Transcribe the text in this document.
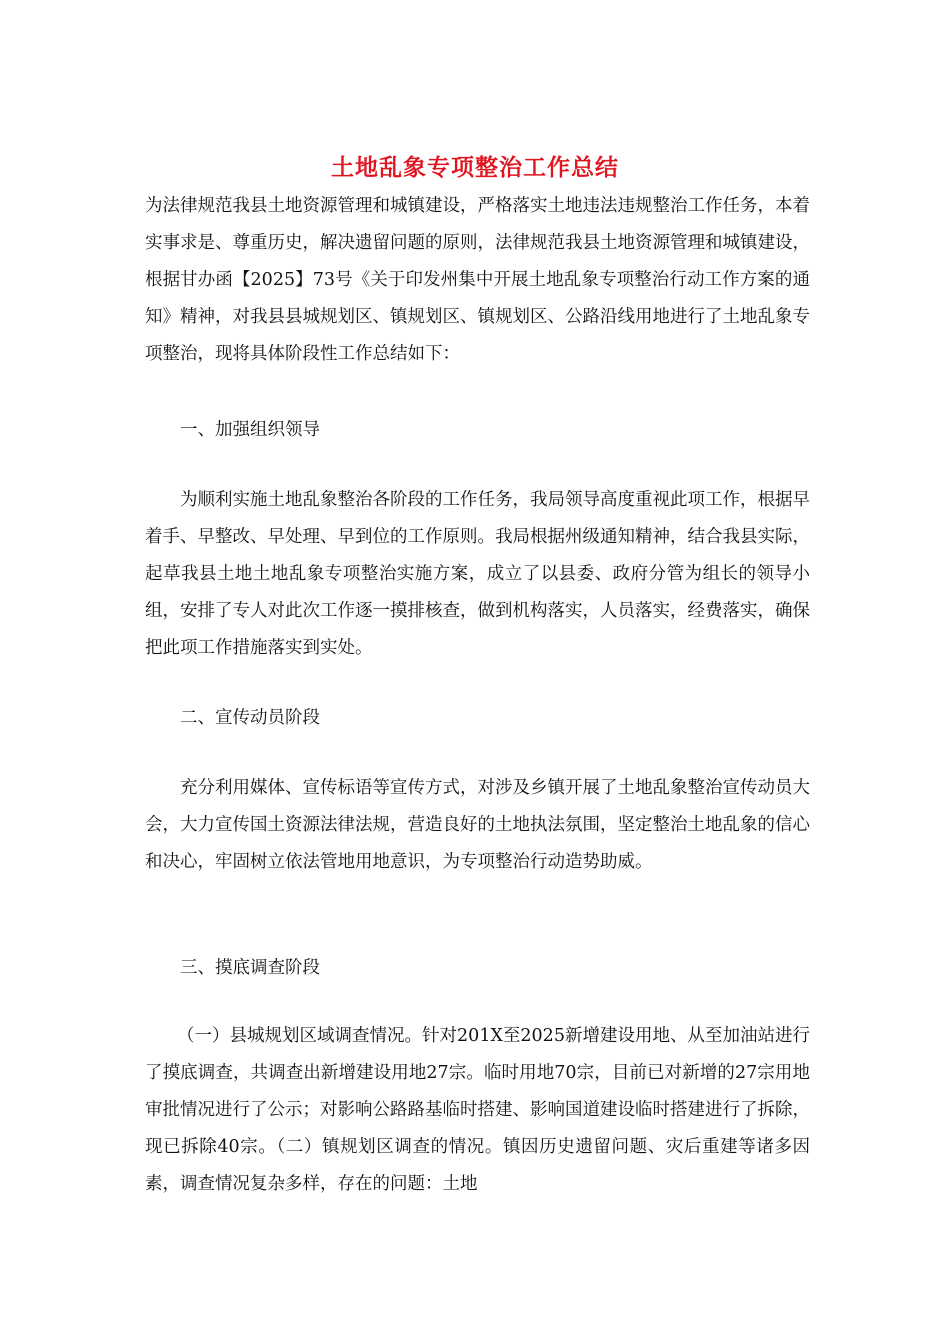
土地乱象专项整治工作总结

为法律规范我县土地资源管理和城镇建设，严格落实土地违法违规整治工作任务，本着实事求是、尊重历史，解决遗留问题的原则，法律规范我县土地资源管理和城镇建设，根据甘办函【2025】73号《关于印发州集中开展土地乱象专项整治行动工作方案的通知》精神，对我县县城规划区、镇规划区、镇规划区、公路沿线用地进行了土地乱象专项整治，现将具体阶段性工作总结如下：

一、加强组织领导

为顺利实施土地乱象整治各阶段的工作任务，我局领导高度重视此项工作，根据早着手、早整改、早处理、早到位的工作原则。我局根据州级通知精神，结合我县实际，起草我县土地土地乱象专项整治实施方案，成立了以县委、政府分管为组长的领导小组，安排了专人对此次工作逐一摸排核查，做到机构落实，人员落实，经费落实，确保把此项工作措施落实到实处。

二、宣传动员阶段

充分利用媒体、宣传标语等宣传方式，对涉及乡镇开展了土地乱象整治宣传动员大会，大力宣传国土资源法律法规，营造良好的土地执法氛围，坚定整治土地乱象的信心和决心，牢固树立依法管地用地意识，为专项整治行动造势助威。

三、摸底调查阶段

（一）县城规划区域调查情况。针对201X至2025新增建设用地、从至加油站进行了摸底调查，共调查出新增建设用地27宗。临时用地70宗，目前已对新增的27宗用地审批情况进行了公示；对影响公路路基临时搭建、影响国道建设临时搭建进行了拆除，现已拆除40宗。（二）镇规划区调查的情况。镇因历史遗留问题、灾后重建等诸多因素，调查情况复杂多样，存在的问题：土地
